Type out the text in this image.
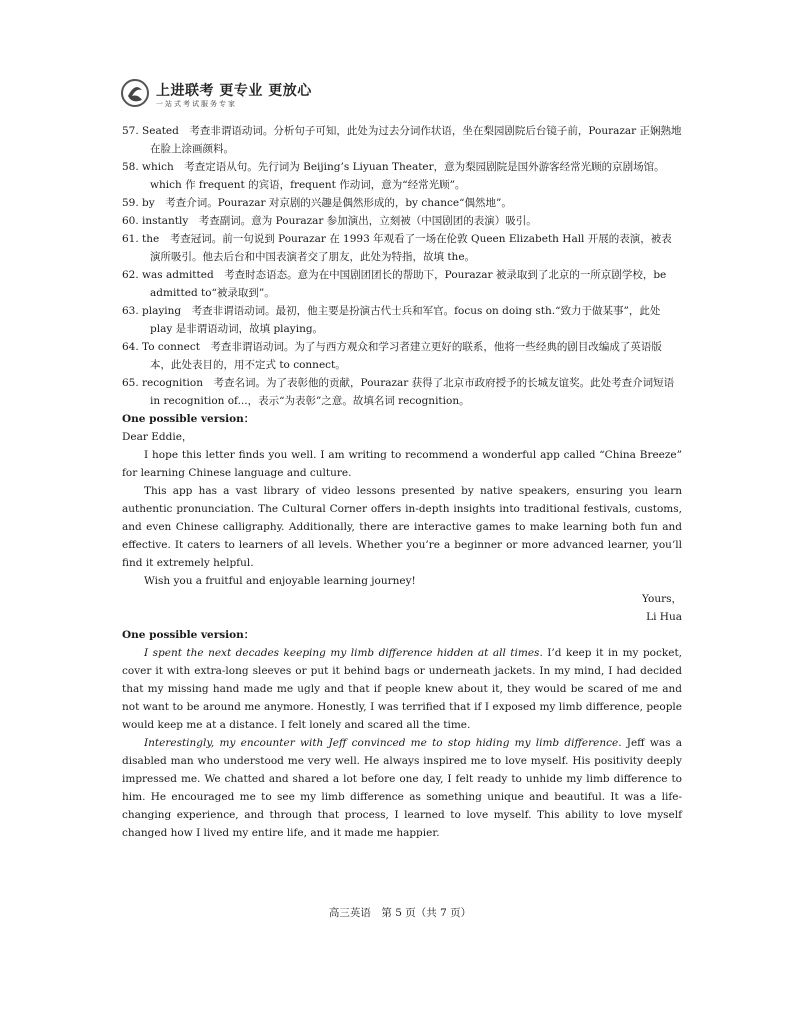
上进联考 更专业 更放心
一站式考试服务专家

57. Seated　考查非谓语动词。分析句子可知，此处为过去分词作状语，坐在梨园剧院后台镜子前，Pourazar 正娴熟地在脸上涂画颜料。

58. which　考查定语从句。先行词为 Beijing’s Liyuan Theater，意为梨园剧院是国外游客经常光顾的京剧场馆。which 作 frequent 的宾语，frequent 作动词，意为“经常光顾”。

59. by　考查介词。Pourazar 对京剧的兴趣是偶然形成的，by chance“偶然地”。

60. instantly　考查副词。意为 Pourazar 参加演出，立刻被（中国剧团的表演）吸引。

61. the　考查冠词。前一句说到 Pourazar 在 1993 年观看了一场在伦敦 Queen Elizabeth Hall 开展的表演，被表演所吸引。他去后台和中国表演者交了朋友，此处为特指，故填 the。

62. was admitted　考查时态语态。意为在中国剧团团长的帮助下，Pourazar 被录取到了北京的一所京剧学校，be admitted to“被录取到”。

63. playing　考查非谓语动词。最初，他主要是扮演古代士兵和军官。focus on doing sth.“致力于做某事”，此处 play 是非谓语动词，故填 playing。

64. To connect　考查非谓语动词。为了与西方观众和学习者建立更好的联系，他将一些经典的剧目改编成了英语版本，此处表目的，用不定式 to connect。

65. recognition　考查名词。为了表彰他的贡献，Pourazar 获得了北京市政府授予的长城友谊奖。此处考查介词短语 in recognition of...，表示“为表彰”之意。故填名词 recognition。

One possible version：

Dear Eddie，

I hope this letter finds you well. I am writing to recommend a wonderful app called “China Breeze” for learning Chinese language and culture.

This app has a vast library of video lessons presented by native speakers, ensuring you learn authentic pronunciation. The Cultural Corner offers in-depth insights into traditional festivals, customs, and even Chinese calligraphy. Additionally, there are interactive games to make learning both fun and effective. It caters to learners of all levels. Whether you’re a beginner or more advanced learner, you’ll find it extremely helpful.

Wish you a fruitful and enjoyable learning journey!

Yours，

Li Hua

One possible version：

I spent the next decades keeping my limb difference hidden at all times. I’d keep it in my pocket, cover it with extra-long sleeves or put it behind bags or underneath jackets. In my mind, I had decided that my missing hand made me ugly and that if people knew about it, they would be scared of me and not want to be around me anymore. Honestly, I was terrified that if I exposed my limb difference, people would keep me at a distance. I felt lonely and scared all the time.

Interestingly, my encounter with Jeff convinced me to stop hiding my limb difference. Jeff was a disabled man who understood me very well. He always inspired me to love myself. His positivity deeply impressed me. We chatted and shared a lot before one day, I felt ready to unhide my limb difference to him. He encouraged me to see my limb difference as something unique and beautiful. It was a life-changing experience, and through that process, I learned to love myself. This ability to love myself changed how I lived my entire life, and it made me happier.

高三英语　第 5 页（共 7 页）
